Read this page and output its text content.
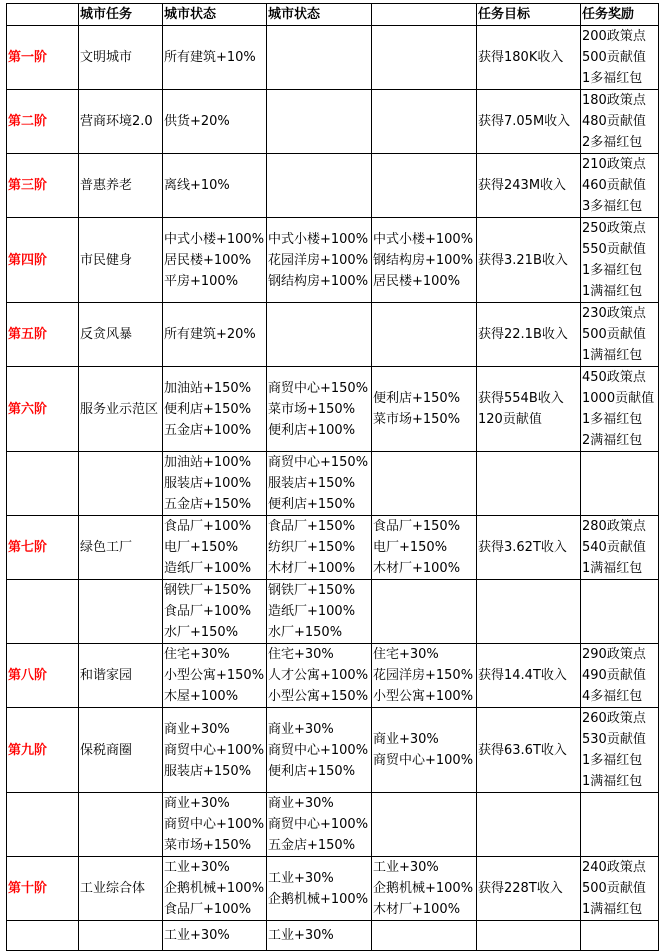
	城市任务	城市状态	城市状态		任务目标	任务奖励
第一阶	文明城市	所有建筑+10%			获得180K收入	200政策点
500贡献值
1多福红包

第二阶	营商环境2.0	供货+20%			获得7.05M收入	180政策点
480贡献值
2多福红包

第三阶	普惠养老	离线+10%			获得243M收入	210政策点
460贡献值
3多福红包

第四阶	市民健身	中式小楼+100%
居民楼+100%
平房+100%	中式小楼+100%
花园洋房+100%
钢结构房+100%	中式小楼+100%
钢结构房+100%
居民楼+100%	获得3.21B收入	250政策点
550贡献值
1多福红包
1满福红包

第五阶	反贪风暴	所有建筑+20%			获得22.1B收入	230政策点
500贡献值
1满福红包

第六阶	服务业示范区	加油站+150%
便利店+150%
五金店+100%	商贸中心+150%
菜市场+150%
便利店+100%	便利店+150%
菜市场+150%	获得554B收入
120贡献值	450政策点
1000贡献值
1多福红包
2满福红包

		加油站+100%
服装店+100%
五金店+150%	商贸中心+150%
服装店+150%
便利店+150%			

第七阶	绿色工厂	食品厂+100%
电厂+150%
造纸厂+100%	食品厂+150%
纺织厂+150%
木材厂+100%	食品厂+150%
电厂+150%
木材厂+100%	获得3.62T收入	280政策点
540贡献值
1满福红包

		钢铁厂+150%
食品厂+100%
水厂+150%	钢铁厂+150%
造纸厂+100%
水厂+150%			

第八阶	和谐家园	住宅+30%
小型公寓+150%
木屋+100%	住宅+30%
人才公寓+100%
小型公寓+150%	住宅+30%
花园洋房+150%
小型公寓+100%	获得14.4T收入	290政策点
490贡献值
4多福红包

第九阶	保税商圈	商业+30%
商贸中心+100%
服装店+150%	商业+30%
商贸中心+100%
便利店+150%	商业+30%
商贸中心+100%	获得63.6T收入	260政策点
530贡献值
1多福红包
1满福红包

		商业+30%
商贸中心+100%
菜市场+150%	商业+30%
商贸中心+100%
五金店+150%			

第十阶	工业综合体	工业+30%
企鹅机械+100%
食品厂+100%	工业+30%
企鹅机械+100%	工业+30%
企鹅机械+100%
木材厂+100%	获得228T收入	240政策点
500贡献值
1满福红包

		工业+30%	工业+30%			
